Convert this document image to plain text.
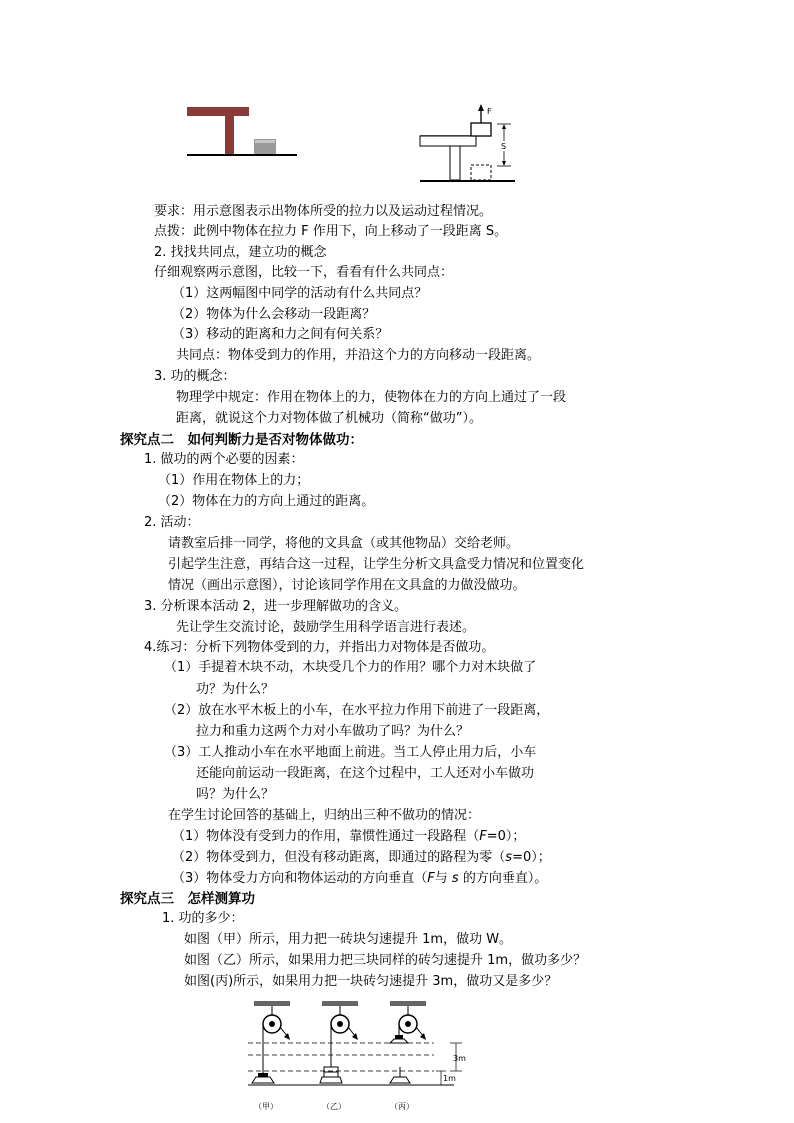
F
S
要求：用示意图表示出物体所受的拉力以及运动过程情况。
点拨：此例中物体在拉力 F 作用下，向上移动了一段距离 S。
2. 找找共同点，建立功的概念
仔细观察两示意图，比较一下，看看有什么共同点：
（1）这两幅图中同学的活动有什么共同点？
（2）物体为什么会移动一段距离？
（3）移动的距离和力之间有何关系？
共同点：物体受到力的作用，并沿这个力的方向移动一段距离。
3. 功的概念：
物理学中规定：作用在物体上的力，使物体在力的方向上通过了一段
距离，就说这个力对物体做了机械功（简称“做功”）。
探究点二　如何判断力是否对物体做功：
1. 做功的两个必要的因素：
（1）作用在物体上的力；
（2）物体在力的方向上通过的距离。
2. 活动：
请教室后排一同学，将他的文具盒（或其他物品）交给老师。
引起学生注意，再结合这一过程，让学生分析文具盒受力情况和位置变化
情况（画出示意图），讨论该同学作用在文具盒的力做没做功。
3. 分析课本活动 2，进一步理解做功的含义。
先让学生交流讨论，鼓励学生用科学语言进行表述。
4.练习：分析下列物体受到的力，并指出力对物体是否做功。
（1）手提着木块不动，木块受几个力的作用？哪个力对木块做了
功？为什么？
（2）放在水平木板上的小车，在水平拉力作用下前进了一段距离，
拉力和重力这两个力对小车做功了吗？为什么？
（3）工人推动小车在水平地面上前进。当工人停止用力后，小车
还能向前运动一段距离，在这个过程中，工人还对小车做功
吗？为什么？
在学生讨论回答的基础上，归纳出三种不做功的情况：
（1）物体没有受到力的作用，靠惯性通过一段路程（F=0）；
（2）物体受到力，但没有移动距离，即通过的路程为零（s=0）；
（3）物体受力方向和物体运动的方向垂直（F与 s 的方向垂直）。
探究点三　怎样测算功
1. 功的多少：
如图（甲）所示，用力把一砖块匀速提升 1m，做功 W。
如图（乙）所示，如果用力把三块同样的砖匀速提升 1m，做功多少？
如图(丙)所示，如果用力把一块砖匀速提升 3m，做功又是多少？
3m
1m
（甲）	（乙）	（丙）
